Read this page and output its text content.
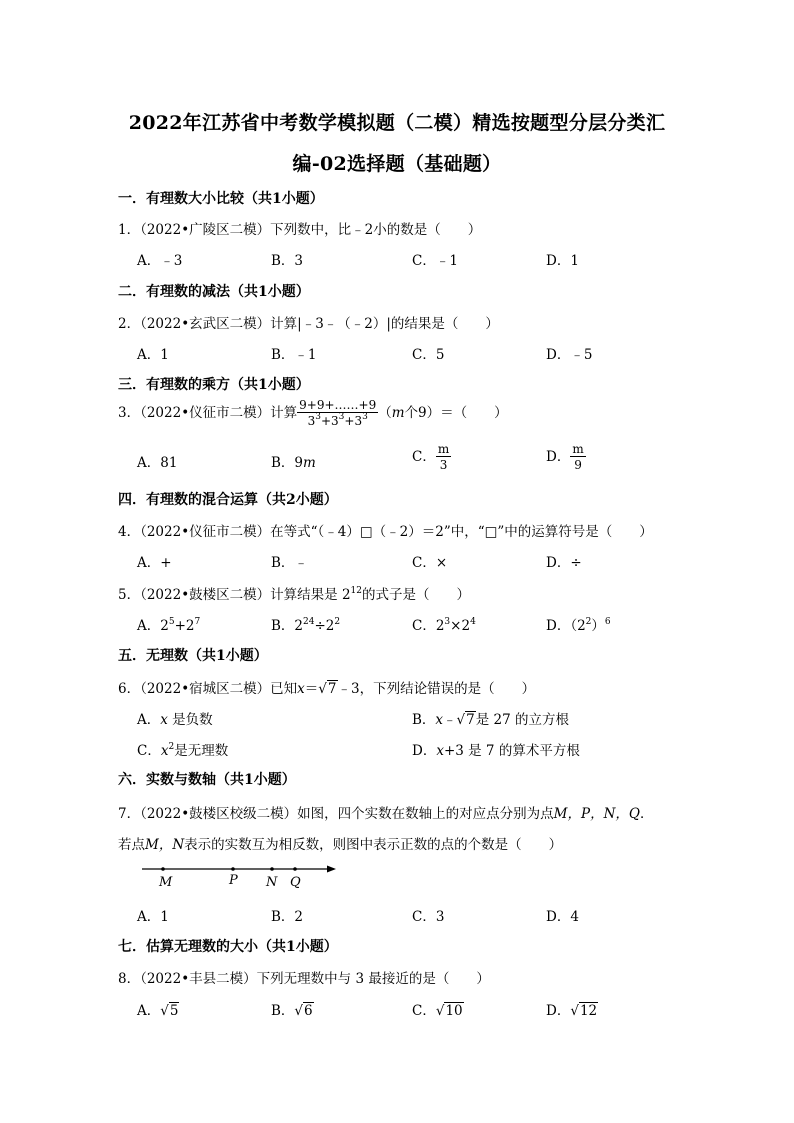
2022年江苏省中考数学模拟题（二模）精选按题型分层分类汇
编-02选择题（基础题）
一．有理数大小比较（共1小题）
1．（2022•广陵区二模）下列数中，比﹣2小的数是（　　）
A．﹣3	B．3	C．﹣1	D．1
二．有理数的减法（共1小题）
2．（2022•玄武区二模）计算|﹣3﹣（﹣2）|的结果是（　　）
A．1	B．﹣1	C．5	D．﹣5
三．有理数的乘方（共1小题）
3．（2022•仪征市二模）计算 $\frac{9+9+\dots\dots+9}{3^3+3^3+3^3} (m$个9）＝（　　）
A．81	B．9m	C． $\frac{m}{3}$	D． $\frac{m}{9}$
四．有理数的混合运算（共2小题）
4．（2022•仪征市二模）在等式“（﹣4）□（﹣2）＝2”中，“□”中的运算符号是（　　）
A．+	B．﹣	C．×	D．÷
5．（2022•鼓楼区二模）计算结果是 $2^{12}$的式子是（　　）
A．$2^5+2^7$	B．$2^{24}\div 2^2$	C．$2^3\times 2^4$	D．$(2^2)^6$
五．无理数（共1小题）
6．（2022•宿城区二模）已知x＝√7﹣3，下列结论错误的是（　　）
A．x 是负数	B．x﹣√7是 27 的立方根
C．$x^2$是无理数	D．x+3 是 7 的算术平方根
六．实数与数轴（共1小题）
7．（2022•鼓楼区校级二模）如图，四个实数在数轴上的对应点分别为点M，P，N，Q．
若点M，N表示的实数互为相反数，则图中表示正数的点的个数是（　　）
M	P N Q
A．1	B．2	C．3	D．4
七．估算无理数的大小（共1小题）
8．（2022•丰县二模）下列无理数中与 3 最接近的是（　　）
A．√5	B．√6	C．√10	D．√12
